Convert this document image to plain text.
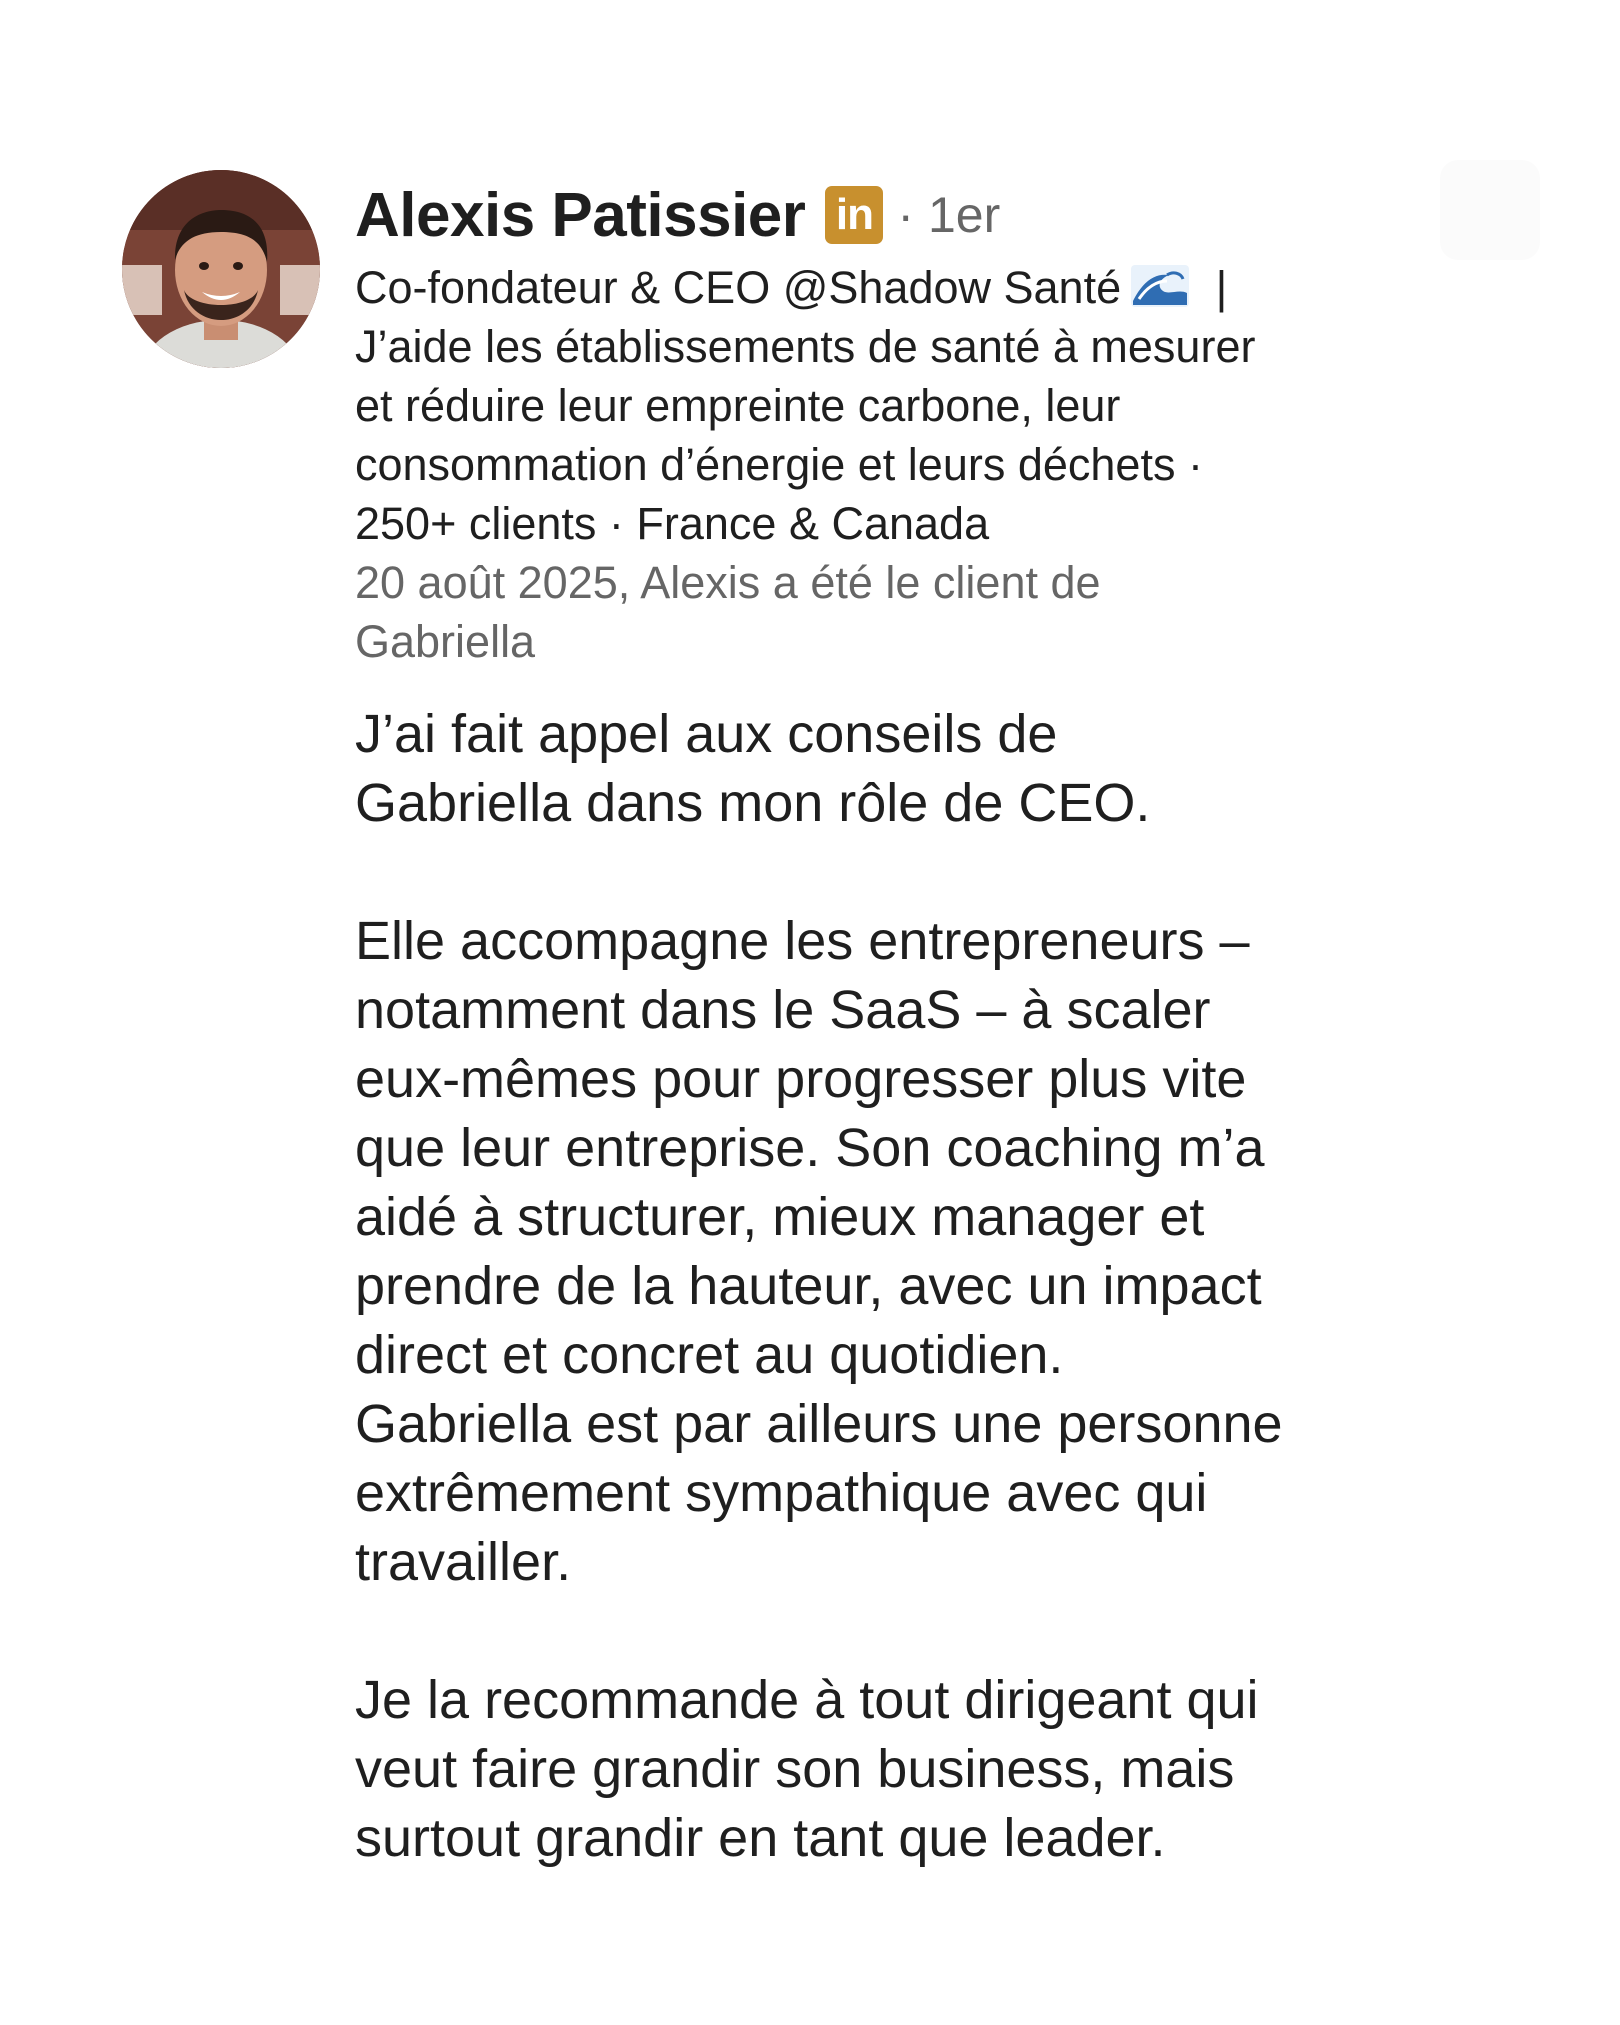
Alexis Patissier in · 1er
Co-fondateur & CEO @Shadow Santé |
J’aide les établissements de santé à mesurer
et réduire leur empreinte carbone, leur
consommation d’énergie et leurs déchets ·
250+ clients · France & Canada
20 août 2025, Alexis a été le client de
Gabriella

J’ai fait appel aux conseils de
Gabriella dans mon rôle de CEO.

Elle accompagne les entrepreneurs –
notamment dans le SaaS – à scaler
eux-mêmes pour progresser plus vite
que leur entreprise. Son coaching m’a
aidé à structurer, mieux manager et
prendre de la hauteur, avec un impact
direct et concret au quotidien.
Gabriella est par ailleurs une personne
extrêmement sympathique avec qui
travailler.

Je la recommande à tout dirigeant qui
veut faire grandir son business, mais
surtout grandir en tant que leader.
